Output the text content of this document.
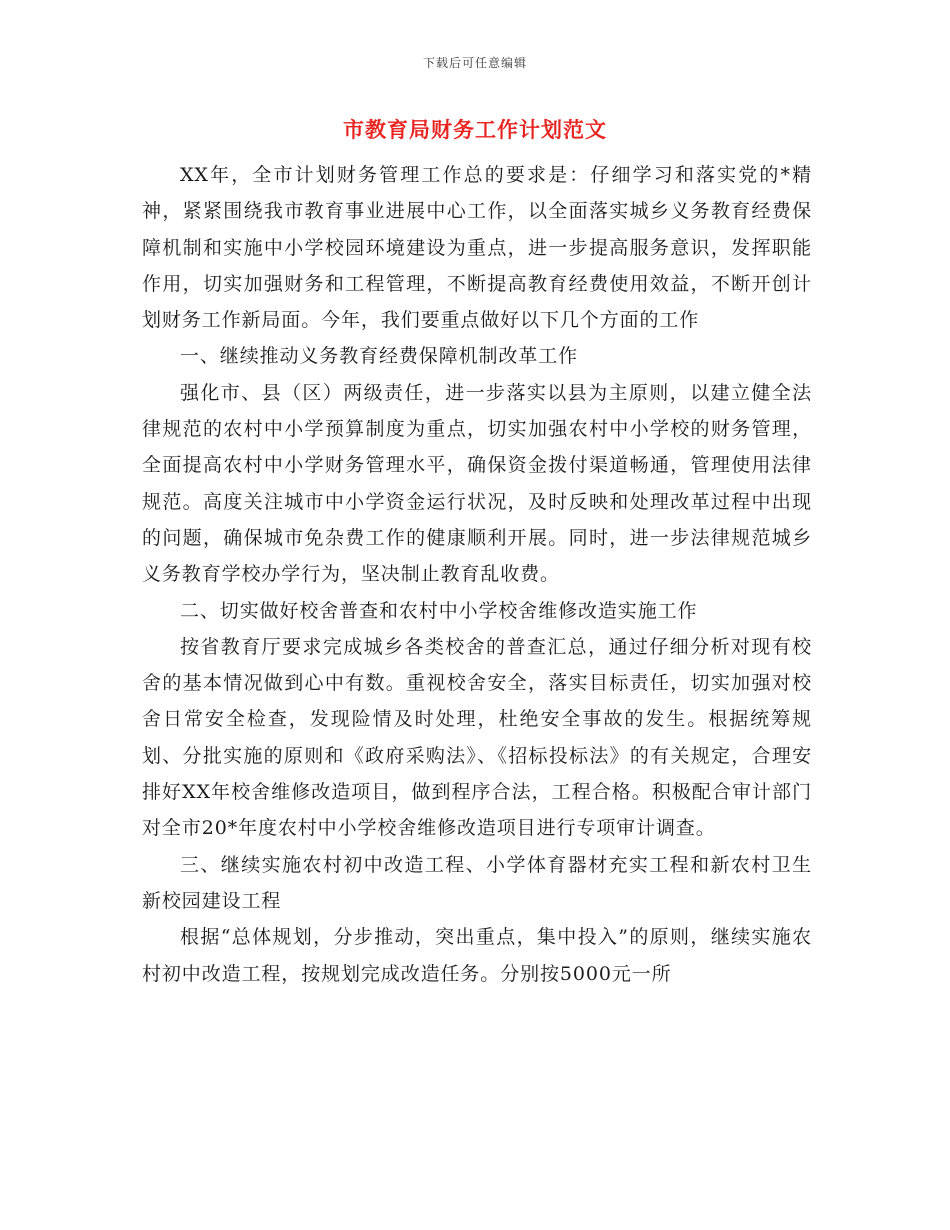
下载后可任意编辑
市教育局财务工作计划范文

XX年，全市计划财务管理工作总的要求是：仔细学习和落实党的*精神，紧紧围绕我市教育事业进展中心工作，以全面落实城乡义务教育经费保障机制和实施中小学校园环境建设为重点，进一步提高服务意识，发挥职能作用，切实加强财务和工程管理，不断提高教育经费使用效益，不断开创计划财务工作新局面。今年，我们要重点做好以下几个方面的工作

一、继续推动义务教育经费保障机制改革工作

强化市、县（区）两级责任，进一步落实以县为主原则，以建立健全法律规范的农村中小学预算制度为重点，切实加强农村中小学校的财务管理，全面提高农村中小学财务管理水平，确保资金拨付渠道畅通，管理使用法律规范。高度关注城市中小学资金运行状况，及时反映和处理改革过程中出现的问题，确保城市免杂费工作的健康顺利开展。同时，进一步法律规范城乡义务教育学校办学行为，坚决制止教育乱收费。

二、切实做好校舍普查和农村中小学校舍维修改造实施工作

按省教育厅要求完成城乡各类校舍的普查汇总，通过仔细分析对现有校舍的基本情况做到心中有数。重视校舍安全，落实目标责任，切实加强对校舍日常安全检查，发现险情及时处理，杜绝安全事故的发生。根据统筹规划、分批实施的原则和《政府采购法》、《招标投标法》的有关规定，合理安排好XX年校舍维修改造项目，做到程序合法，工程合格。积极配合审计部门对全市20*年度农村中小学校舍维修改造项目进行专项审计调查。

三、继续实施农村初中改造工程、小学体育器材充实工程和新农村卫生新校园建设工程

根据“总体规划，分步推动，突出重点，集中投入”的原则，继续实施农村初中改造工程，按规划完成改造任务。分别按5000元一所
